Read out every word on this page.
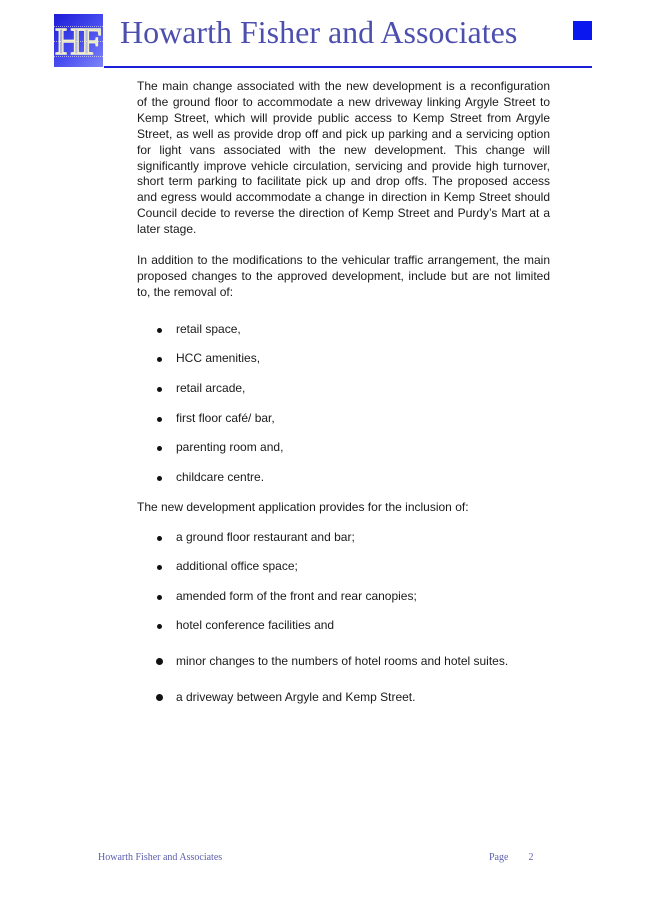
HF Howarth Fisher and Associates

The main change associated with the new development is a reconfiguration of the ground floor to accommodate a new driveway linking Argyle Street to Kemp Street, which will provide public access to Kemp Street from Argyle Street, as well as provide drop off and pick up parking and a servicing option for light vans associated with the new development. This change will significantly improve vehicle circulation, servicing and provide high turnover, short term parking to facilitate pick up and drop offs. The proposed access and egress would accommodate a change in direction in Kemp Street should Council decide to reverse the direction of Kemp Street and Purdy’s Mart at a later stage.

In addition to the modifications to the vehicular traffic arrangement, the main proposed changes to the approved development, include but are not limited to, the removal of:

retail space,
HCC amenities,
retail arcade,
first floor café/ bar,
parenting room and,
childcare centre.

The new development application provides for the inclusion of:

a ground floor restaurant and bar;
additional office space;
amended form of the front and rear canopies;
hotel conference facilities and
minor changes to the numbers of hotel rooms and hotel suites.
a driveway between Argyle and Kemp Street.
Howarth Fisher and Associates	Page 2
